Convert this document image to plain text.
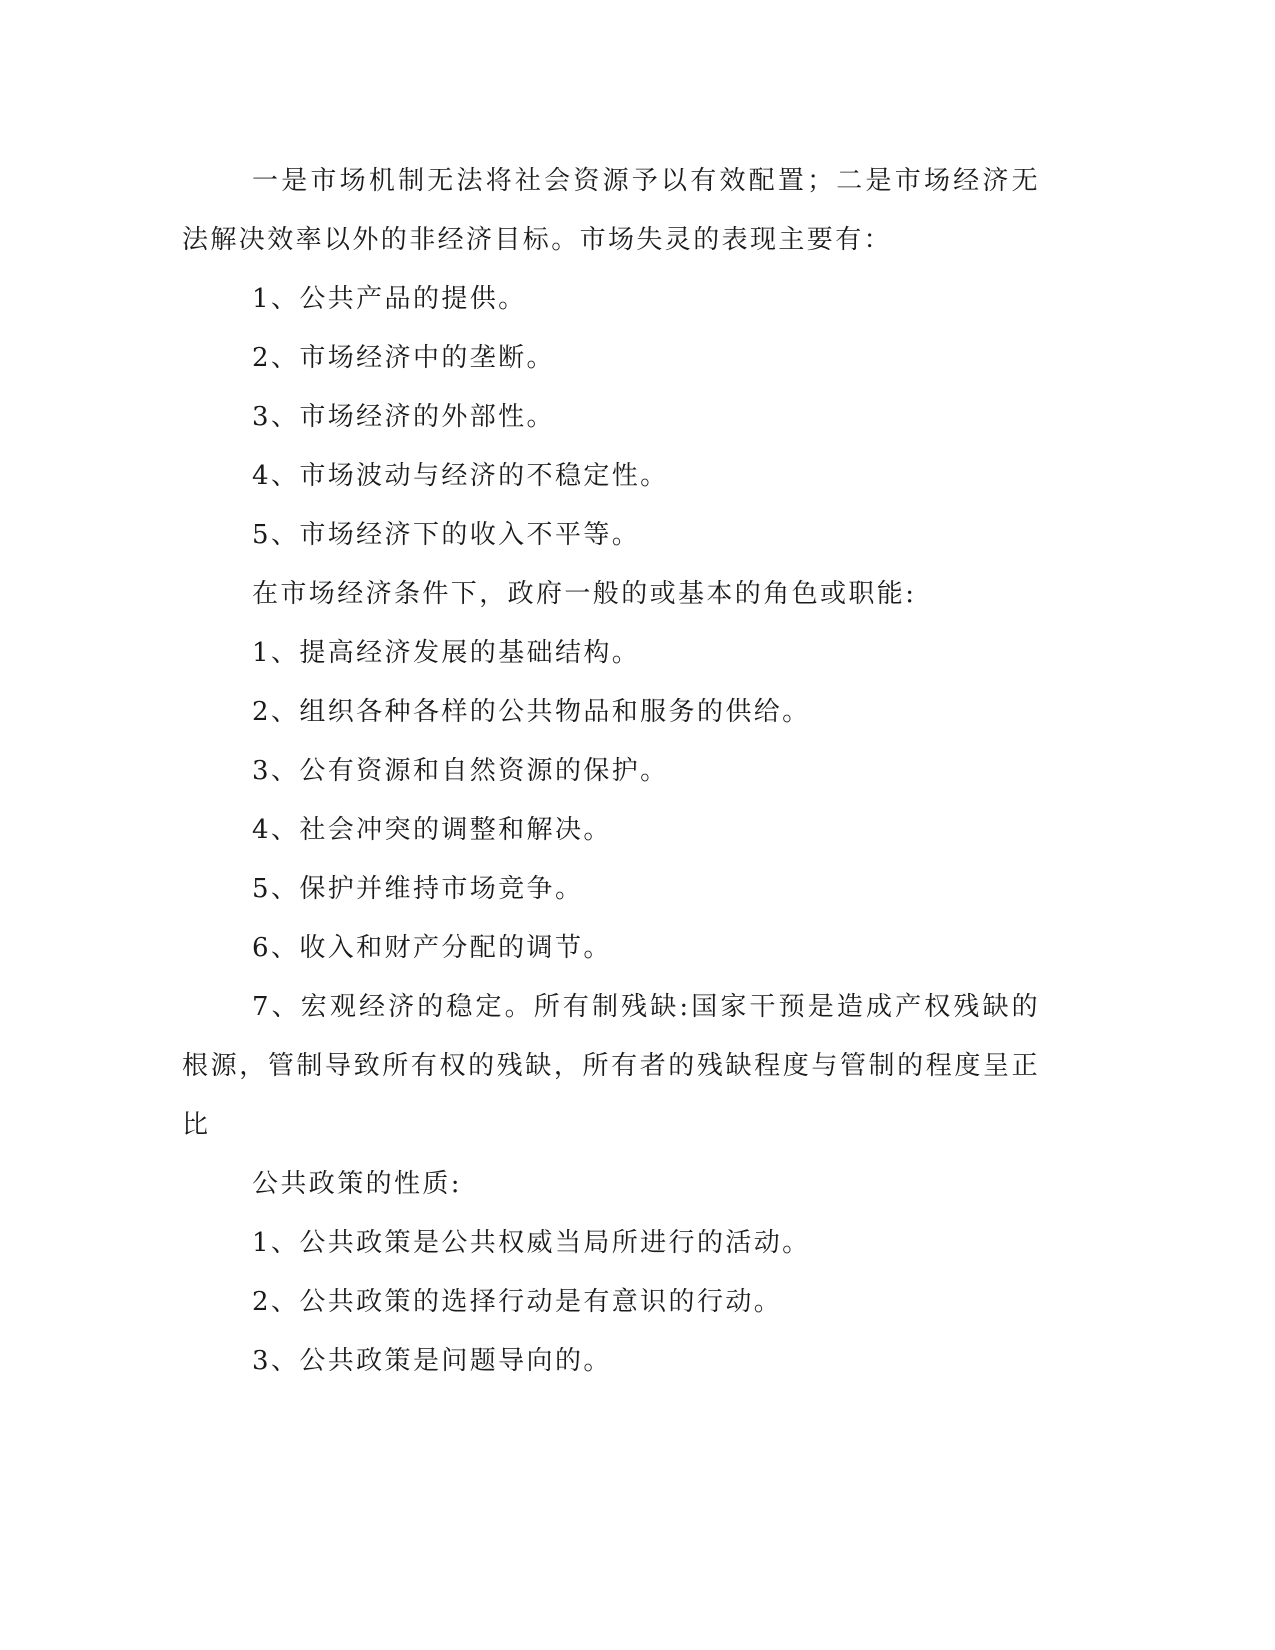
一是市场机制无法将社会资源予以有效配置；二是市场经济无法解决效率以外的非经济目标。市场失灵的表现主要有：

1、公共产品的提供。

2、市场经济中的垄断。

3、市场经济的外部性。

4、市场波动与经济的不稳定性。

5、市场经济下的收入不平等。

在市场经济条件下，政府一般的或基本的角色或职能:

1、提高经济发展的基础结构。

2、组织各种各样的公共物品和服务的供给。

3、公有资源和自然资源的保护。

4、社会冲突的调整和解决。

5、保护并维持市场竞争。

6、收入和财产分配的调节。

7、宏观经济的稳定。所有制残缺:国家干预是造成产权残缺的根源，管制导致所有权的残缺，所有者的残缺程度与管制的程度呈正比

公共政策的性质:

1、公共政策是公共权威当局所进行的活动。

2、公共政策的选择行动是有意识的行动。

3、公共政策是问题导向的。
